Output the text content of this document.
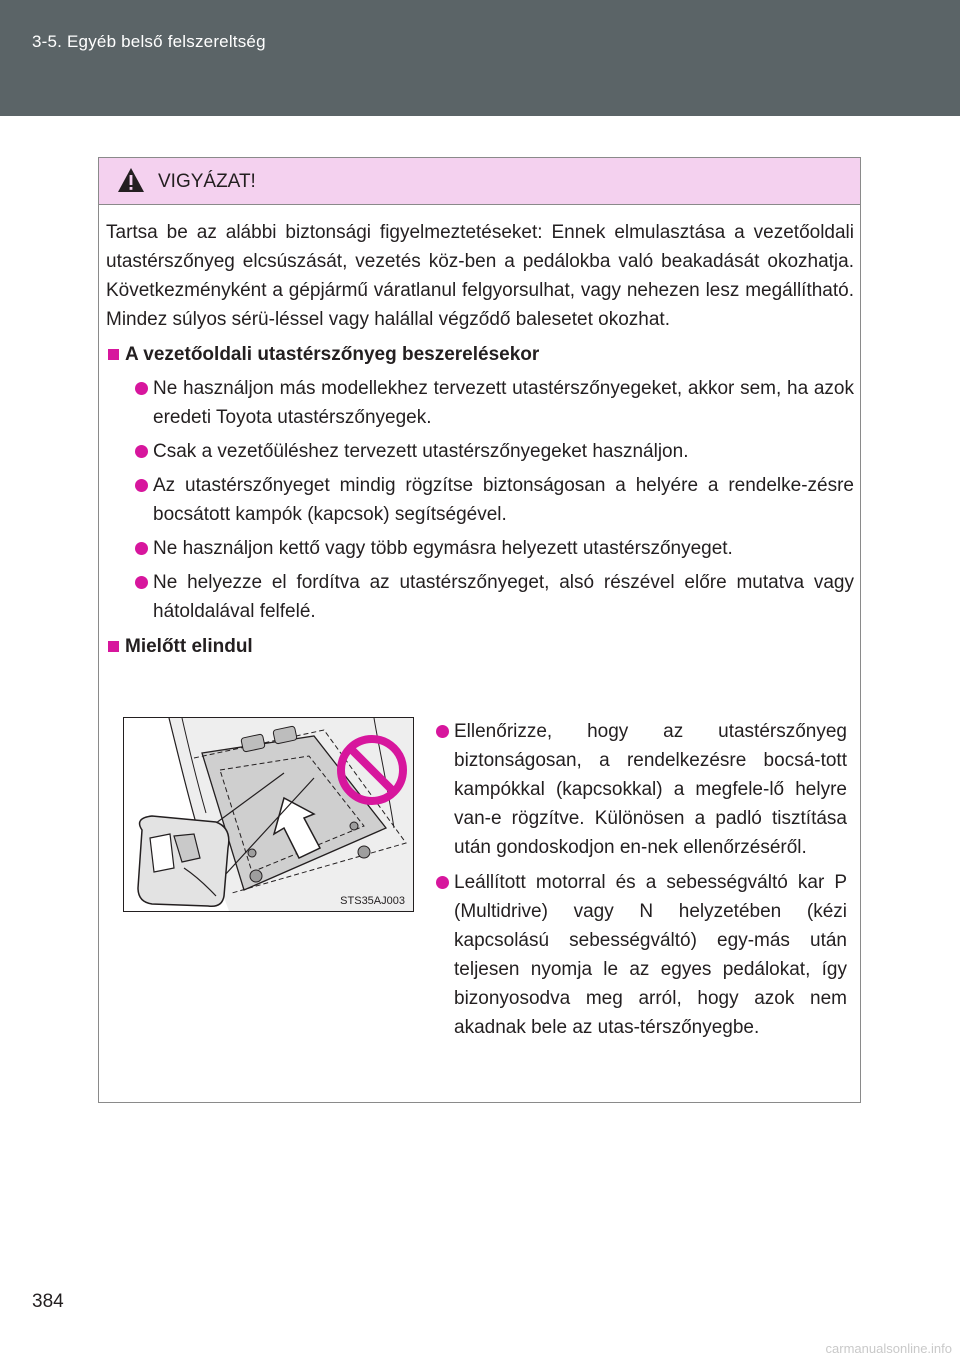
3-5. Egyéb belső felszereltség
VIGYÁZAT!

Tartsa be az alábbi biztonsági figyelmeztetéseket: Ennek elmulasztása a vezetőoldali utastérszőnyeg elcsúszását, vezetés köz-ben a pedálokba való beakadását okozhatja. Következményként a gépjármű váratlanul felgyorsulhat, vagy nehezen lesz megállítható. Mindez súlyos sérü-léssel vagy halállal végződő balesetet okozhat.

A vezetőoldali utastérszőnyeg beszerelésekor
Ne használjon más modellekhez tervezett utastérszőnyegeket, akkor sem, ha azok eredeti Toyota utastérszőnyegek.
Csak a vezetőüléshez tervezett utastérszőnyegeket használjon.
Az utastérszőnyeget mindig rögzítse biztonságosan a helyére a rendelke-zésre bocsátott kampók (kapcsok) segítségével.
Ne használjon kettő vagy több egymásra helyezett utastérszőnyeget.
Ne helyezze el fordítva az utastérszőnyeget, alsó részével előre mutatva vagy hátoldalával felfelé.
Mielőtt elindul
STS35AJ003
Ellenőrizze, hogy az utastérszőnyeg biztonságosan, a rendelkezésre bocsá-tott kampókkal (kapcsokkal) a megfele-lő helyre van-e rögzítve. Különösen a padló tisztítása után gondoskodjon en-nek ellenőrzéséről.
Leállított motorral és a sebességváltó kar P (Multidrive) vagy N helyzetében (kézi kapcsolású sebességváltó) egy-más után teljesen nyomja le az egyes pedálokat, így bizonyosodva meg arról, hogy azok nem akadnak bele az utas-térszőnyegbe.
384
carmanualsonline.info
